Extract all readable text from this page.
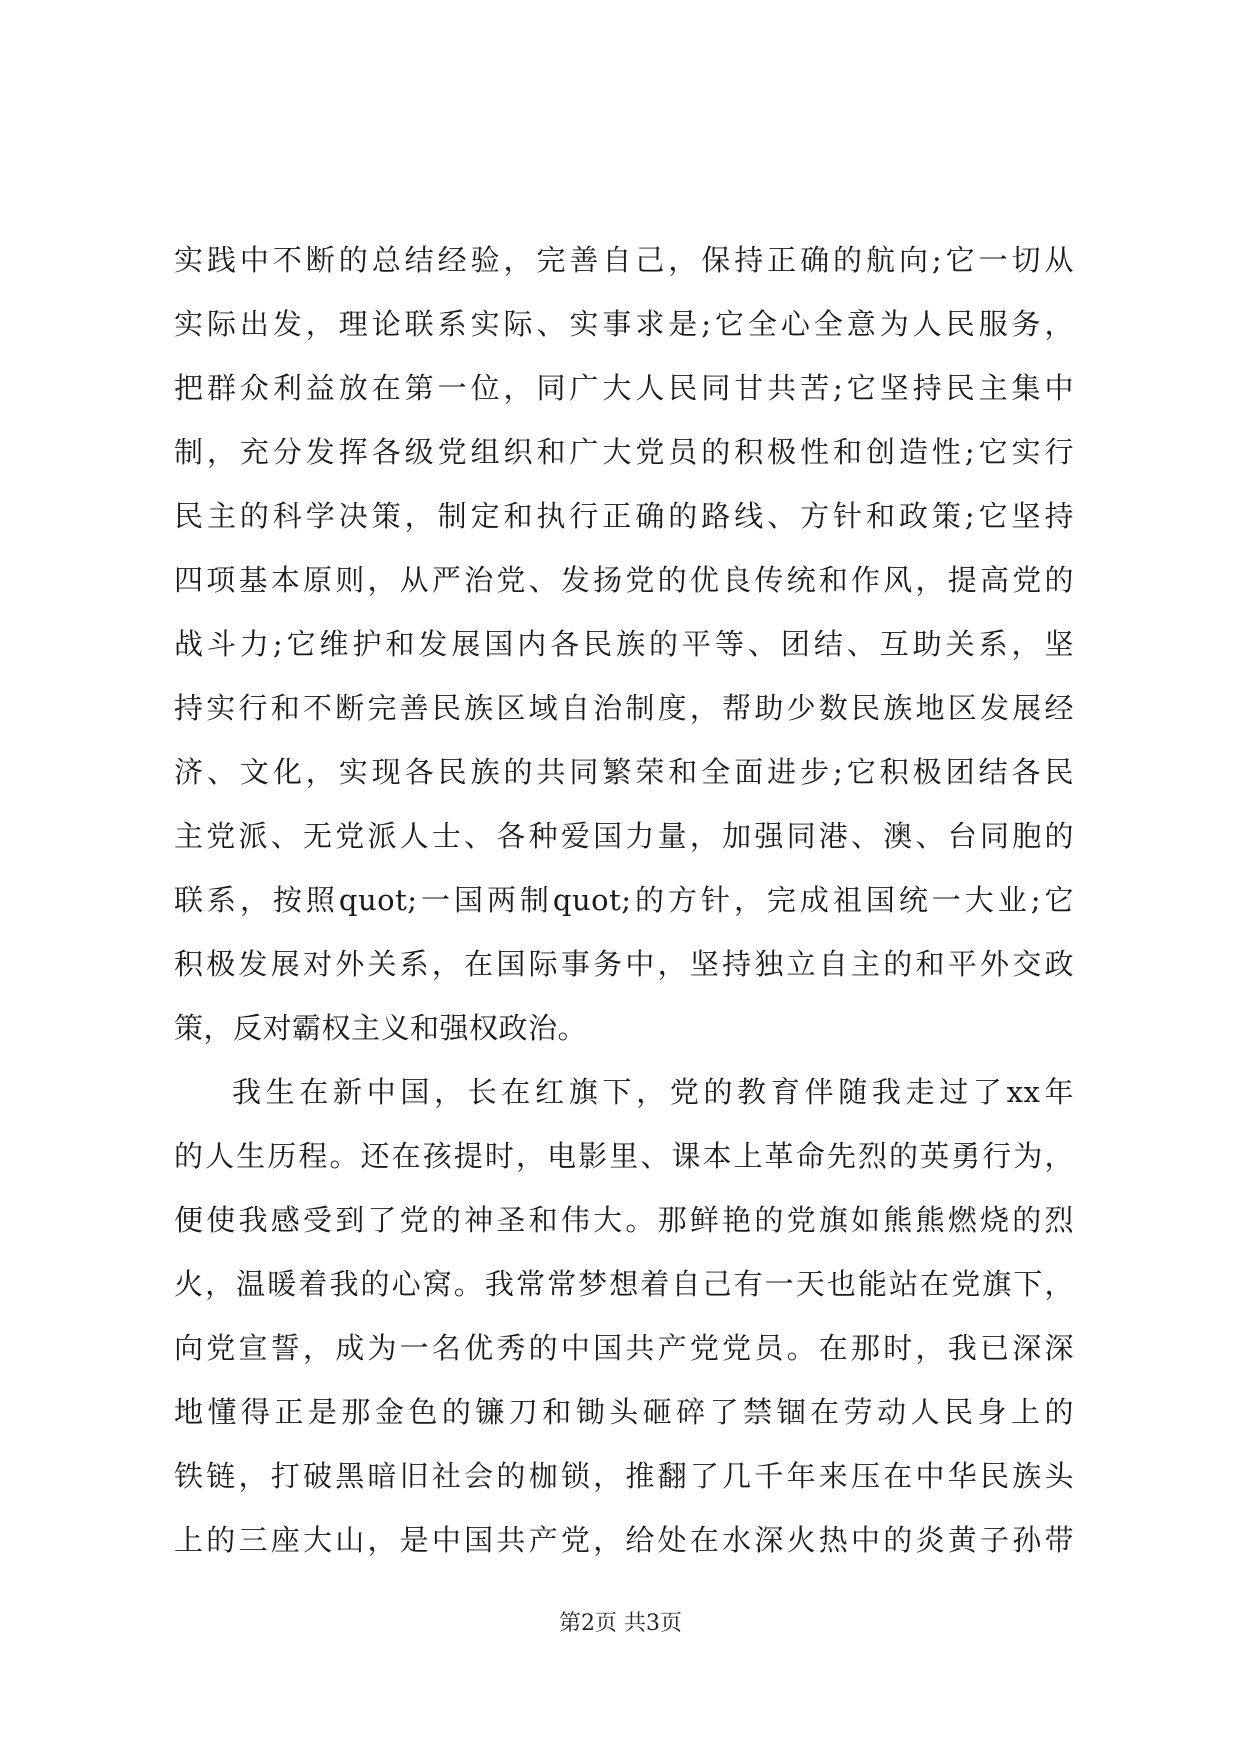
实践中不断的总结经验，完善自己，保持正确的航向;它一切从
实际出发，理论联系实际、实事求是;它全心全意为人民服务，
把群众利益放在第一位，同广大人民同甘共苦;它坚持民主集中
制，充分发挥各级党组织和广大党员的积极性和创造性;它实行
民主的科学决策，制定和执行正确的路线、方针和政策;它坚持
四项基本原则，从严治党、发扬党的优良传统和作风，提高党的
战斗力;它维护和发展国内各民族的平等、团结、互助关系，坚
持实行和不断完善民族区域自治制度，帮助少数民族地区发展经
济、文化，实现各民族的共同繁荣和全面进步;它积极团结各民
主党派、无党派人士、各种爱国力量，加强同港、澳、台同胞的
联系，按照quot;一国两制quot;的方针，完成祖国统一大业;它
积极发展对外关系，在国际事务中，坚持独立自主的和平外交政
策，反对霸权主义和强权政治。
我生在新中国，长在红旗下，党的教育伴随我走过了xx年
的人生历程。还在孩提时，电影里、课本上革命先烈的英勇行为，
便使我感受到了党的神圣和伟大。那鲜艳的党旗如熊熊燃烧的烈
火，温暖着我的心窝。我常常梦想着自己有一天也能站在党旗下，
向党宣誓，成为一名优秀的中国共产党党员。在那时，我已深深
地懂得正是那金色的镰刀和锄头砸碎了禁锢在劳动人民身上的
铁链，打破黑暗旧社会的枷锁，推翻了几千年来压在中华民族头
上的三座大山，是中国共产党，给处在水深火热中的炎黄子孙带
第2页 共3页
